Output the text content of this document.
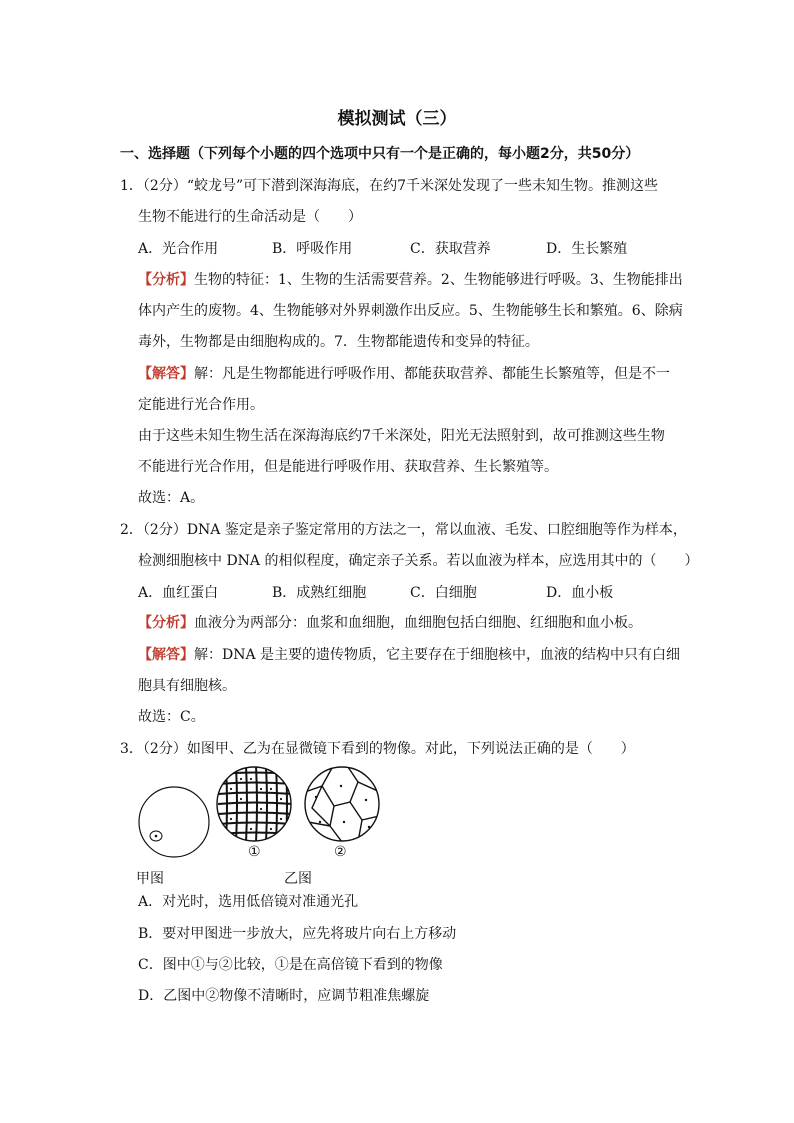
模拟测试（三）
一、选择题（下列每个小题的四个选项中只有一个是正确的，每小题2分，共50分）
1．（2分）“蛟龙号”可下潜到深海海底，在约7千米深处发现了一些未知生物。推测这些
生物不能进行的生命活动是（　　）
A．光合作用	B．呼吸作用	C．获取营养	D．生长繁殖
【分析】生物的特征：1、生物的生活需要营养。2、生物能够进行呼吸。3、生物能排出
体内产生的废物。4、生物能够对外界刺激作出反应。5、生物能够生长和繁殖。6、除病
毒外，生物都是由细胞构成的。7．生物都能遗传和变异的特征。
【解答】解：凡是生物都能进行呼吸作用、都能获取营养、都能生长繁殖等，但是不一
定能进行光合作用。
由于这些未知生物生活在深海海底约7千米深处，阳光无法照射到，故可推测这些生物
不能进行光合作用，但是能进行呼吸作用、获取营养、生长繁殖等。
故选：A。
2．（2分）DNA 鉴定是亲子鉴定常用的方法之一，常以血液、毛发、口腔细胞等作为样本，
检测细胞核中 DNA 的相似程度，确定亲子关系。若以血液为样本，应选用其中的（　　）
A．血红蛋白	B．成熟红细胞	C．白细胞	D．血小板
【分析】血液分为两部分：血浆和血细胞，血细胞包括白细胞、红细胞和血小板。
【解答】解：DNA 是主要的遗传物质，它主要存在于细胞核中，血液的结构中只有白细
胞具有细胞核。
故选：C。
3．（2分）如图甲、乙为在显微镜下看到的物像。对此，下列说法正确的是（　　）
①	②
甲图	乙图
A．对光时，选用低倍镜对准通光孔
B．要对甲图进一步放大，应先将玻片向右上方移动
C．图中①与②比较，①是在高倍镜下看到的物像
D．乙图中②物像不清晰时，应调节粗准焦螺旋
